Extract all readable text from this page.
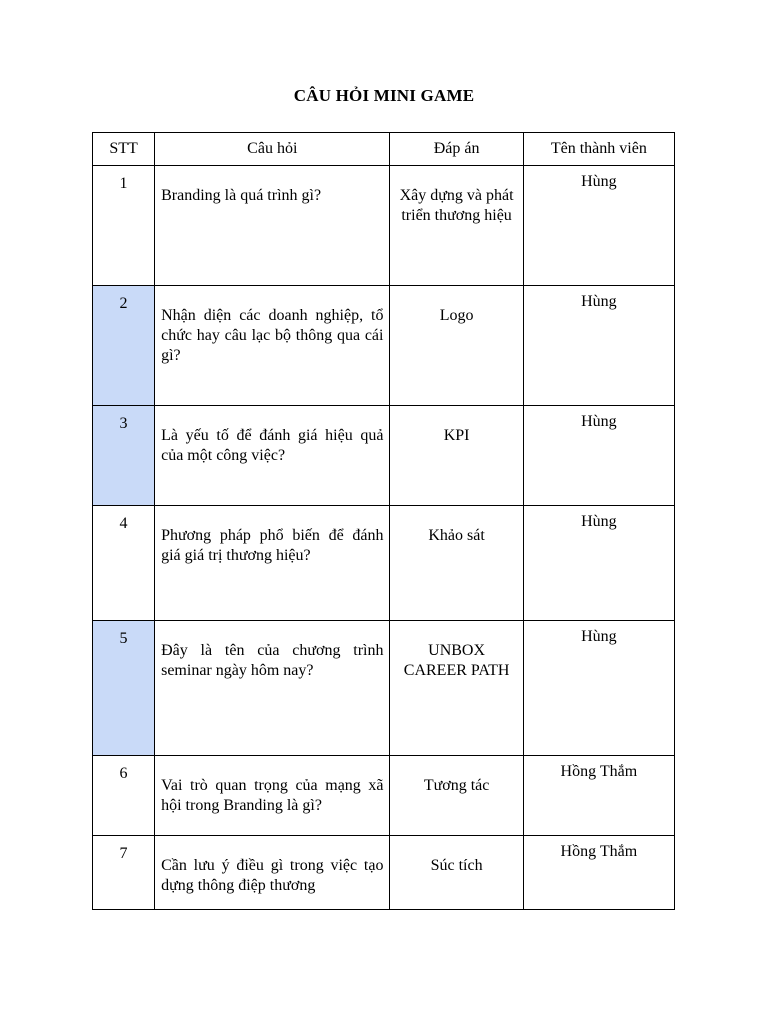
CÂU HỎI MINI GAME
STT	Câu hỏi	Đáp án	Tên thành viên
1	Branding là quá trình gì?	Xây dựng và phát triển thương hiệu	Hùng
2	Nhận diện các doanh nghiệp, tổ chức hay câu lạc bộ thông qua cái gì?	Logo	Hùng
3	Là yếu tố để đánh giá hiệu quả của một công việc?	KPI	Hùng
4	Phương pháp phổ biến để đánh giá giá trị thương hiệu?	Khảo sát	Hùng
5	Đây là tên của chương trình seminar ngày hôm nay?	UNBOX CAREER PATH	Hùng
6	Vai trò quan trọng của mạng xã hội trong Branding là gì?	Tương tác	Hồng Thắm
7	Cần lưu ý điều gì trong việc tạo dựng thông điệp thương	Súc tích	Hồng Thắm
